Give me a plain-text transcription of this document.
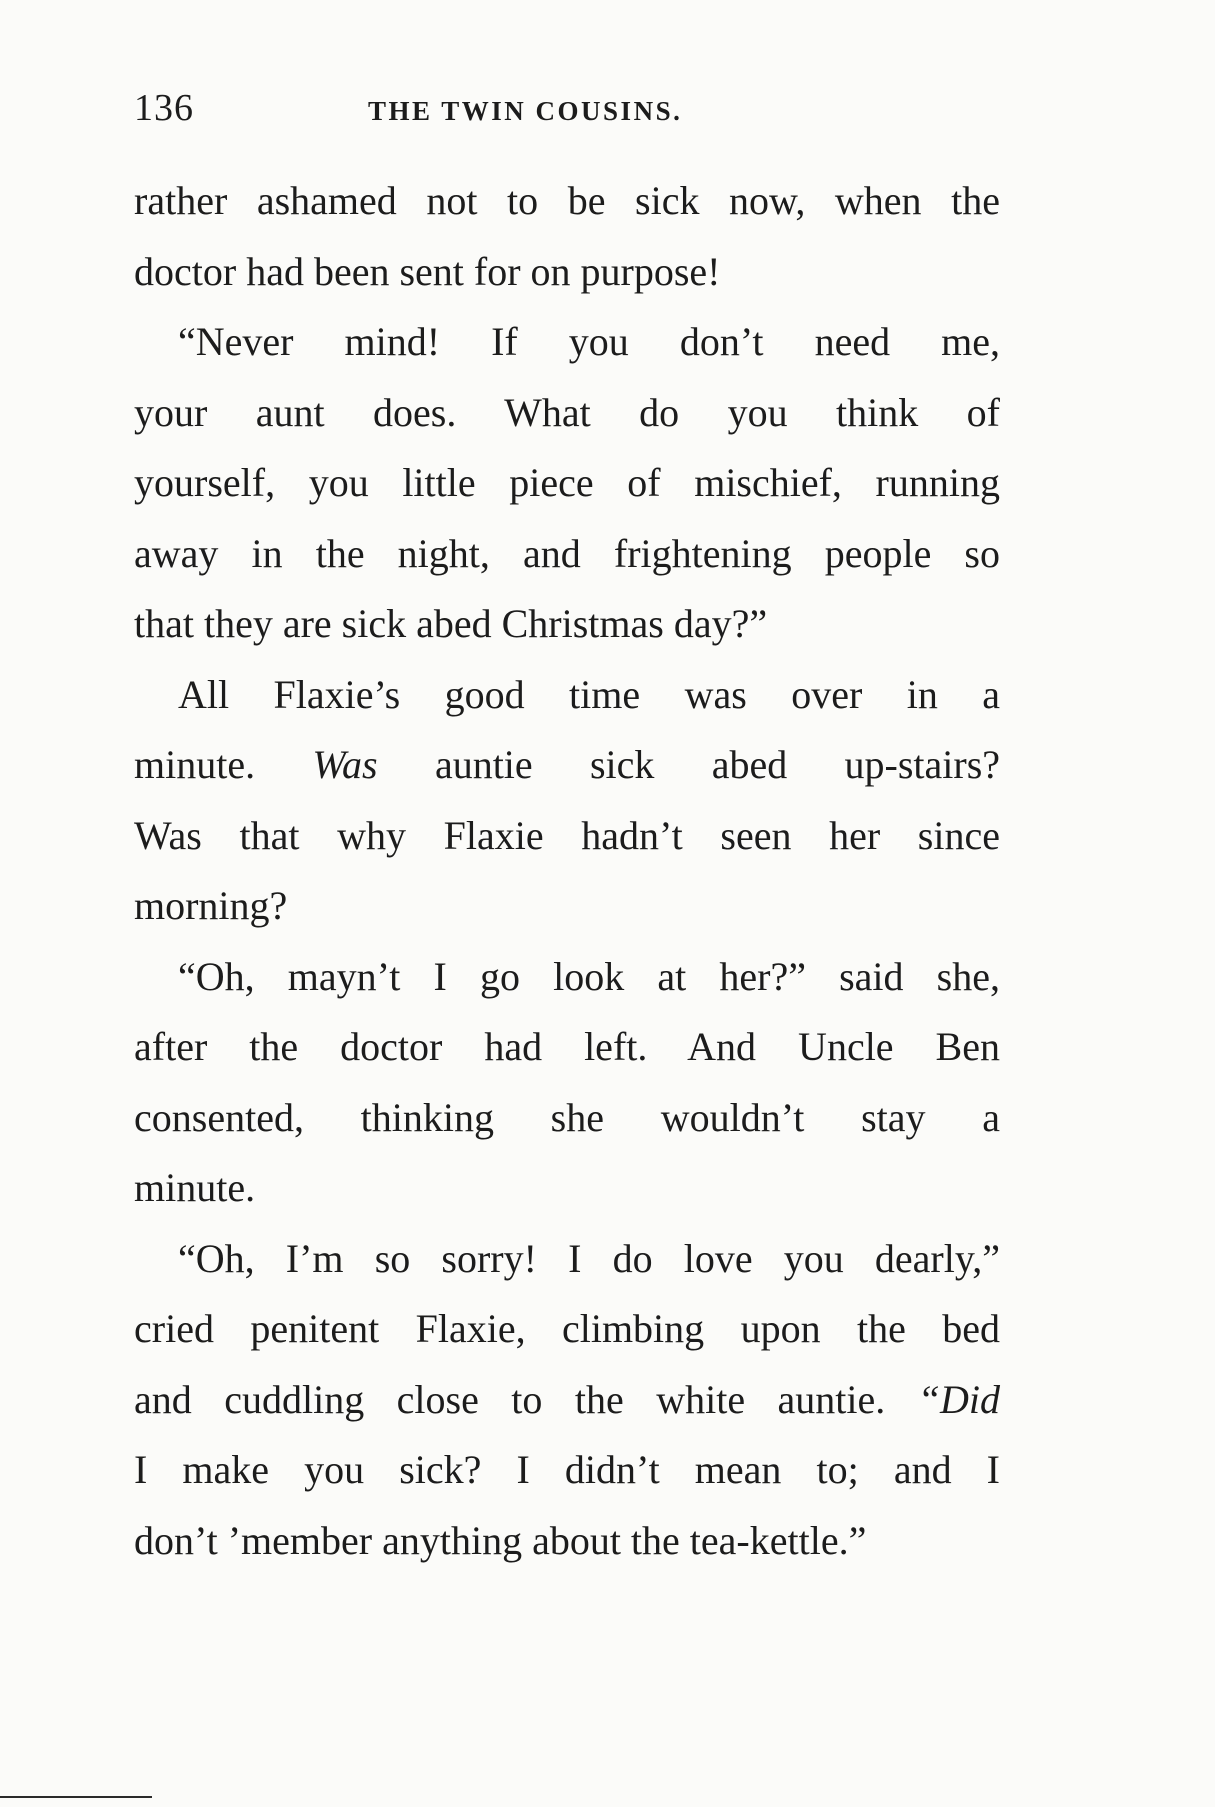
136	THE TWIN COUSINS.

rather ashamed not to be sick now, when the
doctor had been sent for on purpose!

“Never mind! If you don’t need me,
your aunt does. What do you think of
yourself, you little piece of mischief, running
away in the night, and frightening people so
that they are sick abed Christmas day?”

All Flaxie’s good time was over in a
minute. Was auntie sick abed up-stairs?
Was that why Flaxie hadn’t seen her since
morning?

“Oh, mayn’t I go look at her?” said she,
after the doctor had left. And Uncle Ben
consented, thinking she wouldn’t stay a
minute.

“Oh, I’m so sorry! I do love you dearly,”
cried penitent Flaxie, climbing upon the bed
and cuddling close to the white auntie. “Did
I make you sick? I didn’t mean to; and I
don’t ’member anything about the tea-kettle.”
